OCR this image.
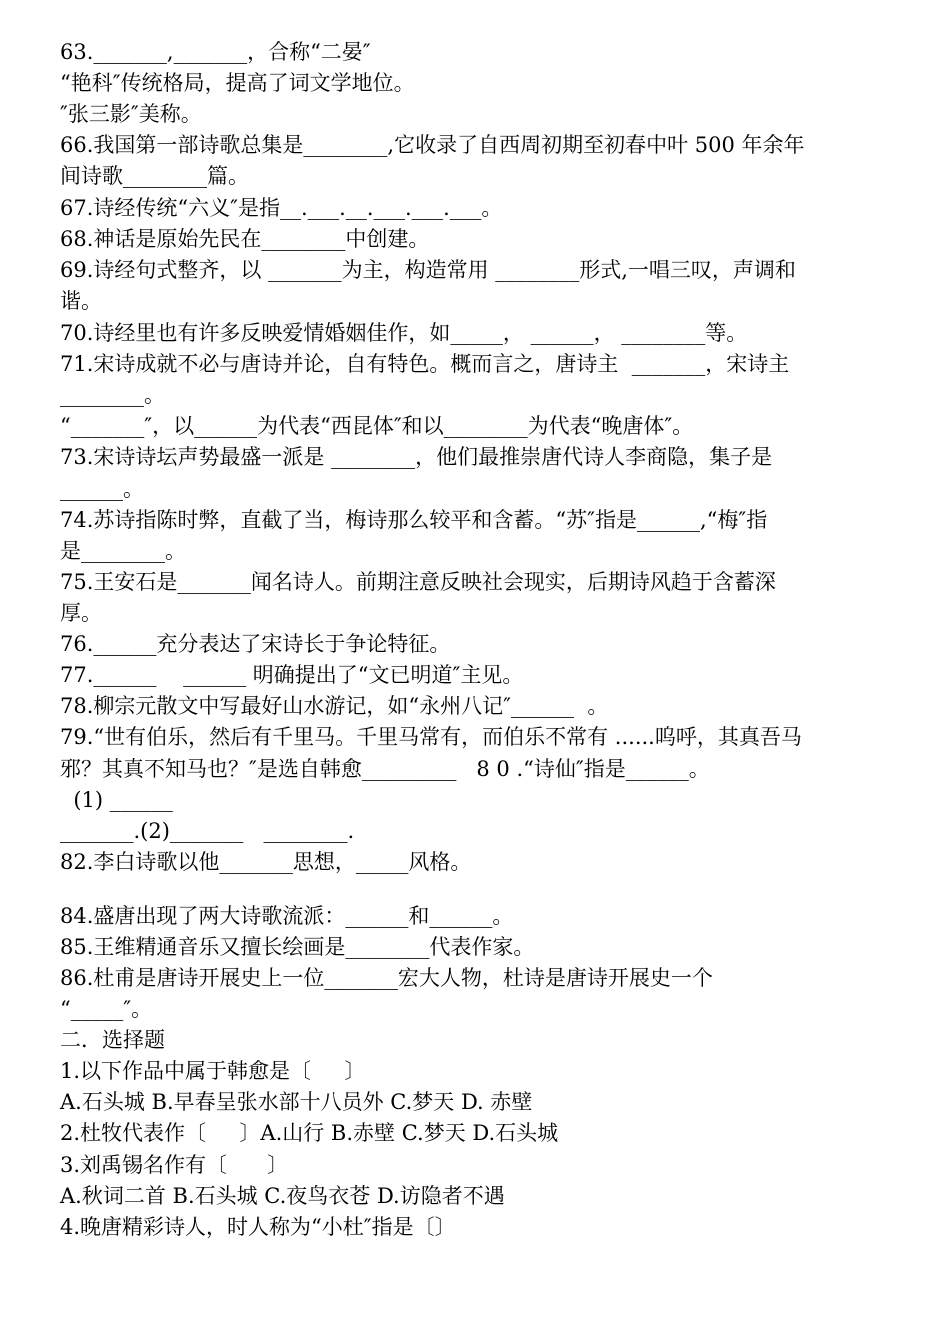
63._______,_______，合称“二晏″
“艳科″传统格局，提高了词文学地位。
″张三影″美称。
66.我国第一部诗歌总集是________,它收录了自西周初期至初春中叶 500 年余年
间诗歌________篇。
67.诗经传统“六义″是指__.___.__.___.___.___。
68.神话是原始先民在________中创建。
69.诗经句式整齐，以 _______为主，构造常用 ________形式,一唱三叹，声调和
谐。
70.诗经里也有许多反映爱情婚姻佳作，如_____， ______， ________等。
71.宋诗成就不必与唐诗并论，自有特色。概而言之，唐诗主  _______，宋诗主
________。
“_______″，以______为代表“西昆体″和以________为代表“晚唐体″。
73.宋诗诗坛声势最盛一派是 ________，他们最推崇唐代诗人李商隐，集子是
______。
74.苏诗指陈时弊，直截了当，梅诗那么较平和含蓄。“苏″指是______,“梅″指
是________。
75.王安石是_______闻名诗人。前期注意反映社会现实，后期诗风趋于含蓄深
厚。
76.______充分表达了宋诗长于争论特征。
77.______    ______ 明确提出了“文已明道″主见。
78.柳宗元散文中写最好山水游记，如“永州八记″______  。
79.“世有伯乐，然后有千里马。千里马常有，而伯乐不常有 ......呜呼，其真吾马
邪？其真不知马也？″是选自韩愈_________   8 0 .“诗仙″指是______。
(1) ______
_______.(2)_______   ________.
82.李白诗歌以他_______思想，_____风格。
84.盛唐出现了两大诗歌流派：______和______。
85.王维精通音乐又擅长绘画是________代表作家。
86.杜甫是唐诗开展史上一位_______宏大人物，杜诗是唐诗开展史一个
“_____″。
二．选择题
1.以下作品中属于韩愈是〔     〕
A.石头城 B.早春呈张水部十八员外 C.梦天 D. 赤壁
2.杜牧代表作〔     〕A.山行 B.赤壁 C.梦天 D.石头城
3.刘禹锡名作有〔      〕
A.秋词二首 B.石头城 C.夜鸟衣苍 D.访隐者不遇
4.晚唐精彩诗人，时人称为“小杜″指是〔〕
